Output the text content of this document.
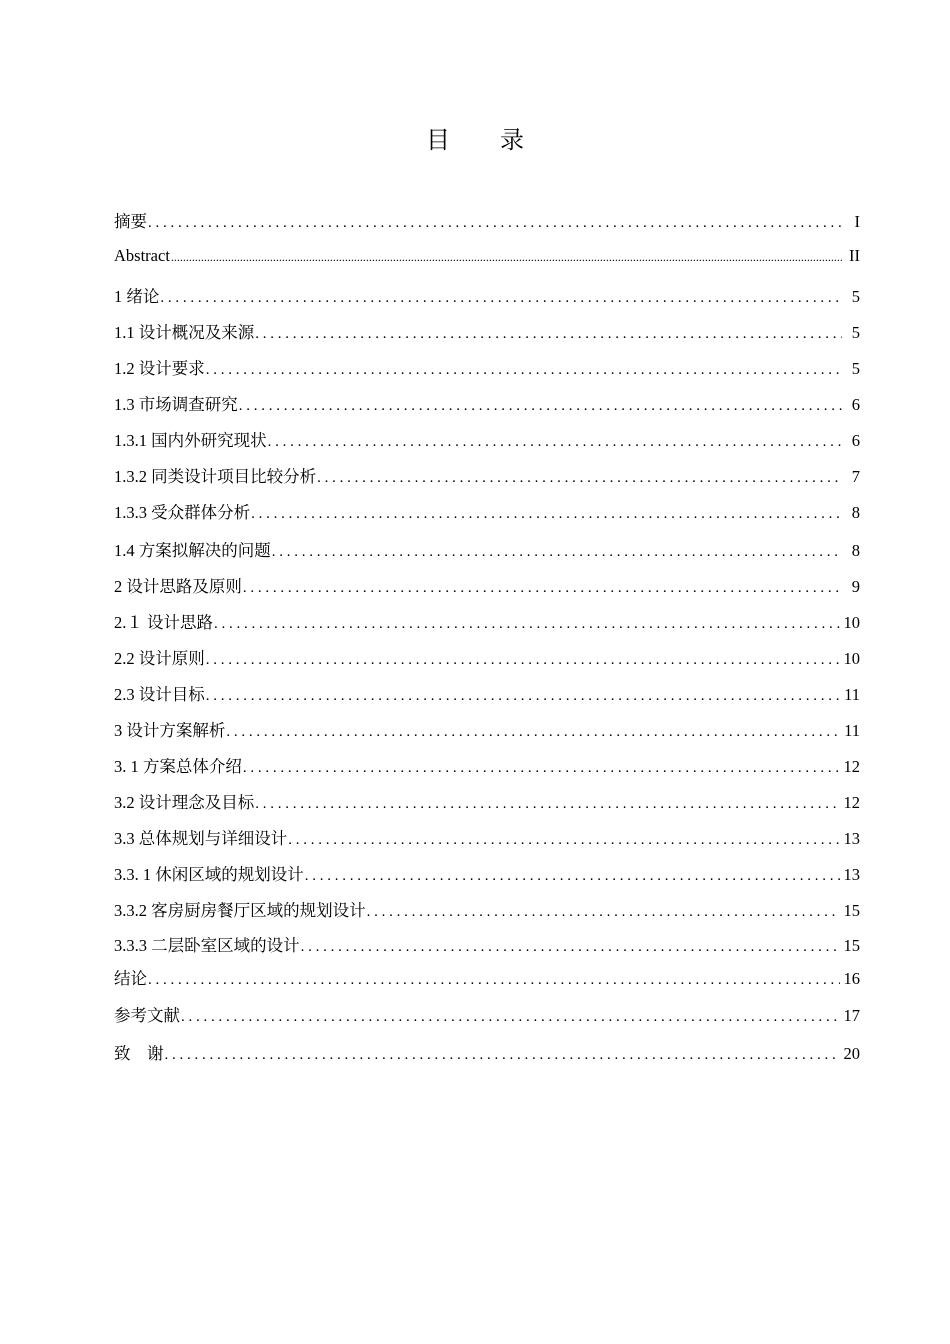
目 录
摘要 . . .	I
Abstract .....	II
1 绪论 . . .	5
1.1 设计概况及来源 . . .	5
1.2 设计要求 . . .	5
1.3 市场调查研究 . . .	6
1.3.1 国内外研究现状 . . .	6
1.3.2 同类设计项目比较分析 . . .	7
1.3.3 受众群体分析 . . .	8
1.4 方案拟解决的问题 . . .	8
2 设计思路及原则 . . .	9
2.１ 设计思路 . . .	10
2.2 设计原则 . . .	10
2.3 设计目标 . . .	11
3 设计方案解析 . . .	11
3. 1 方案总体介绍 . . .	12
3.2 设计理念及目标 . . .	12
3.3 总体规划与详细设计 . . .	13
3.3. 1 休闲区域的规划设计 . . .	13
3.3.2 客房厨房餐厅区域的规划设计 . . .	15
3.3.3 二层卧室区域的设计 . . .	15
结论 . . .	16
参考文献 . . .	17
致    谢 . . .	20
